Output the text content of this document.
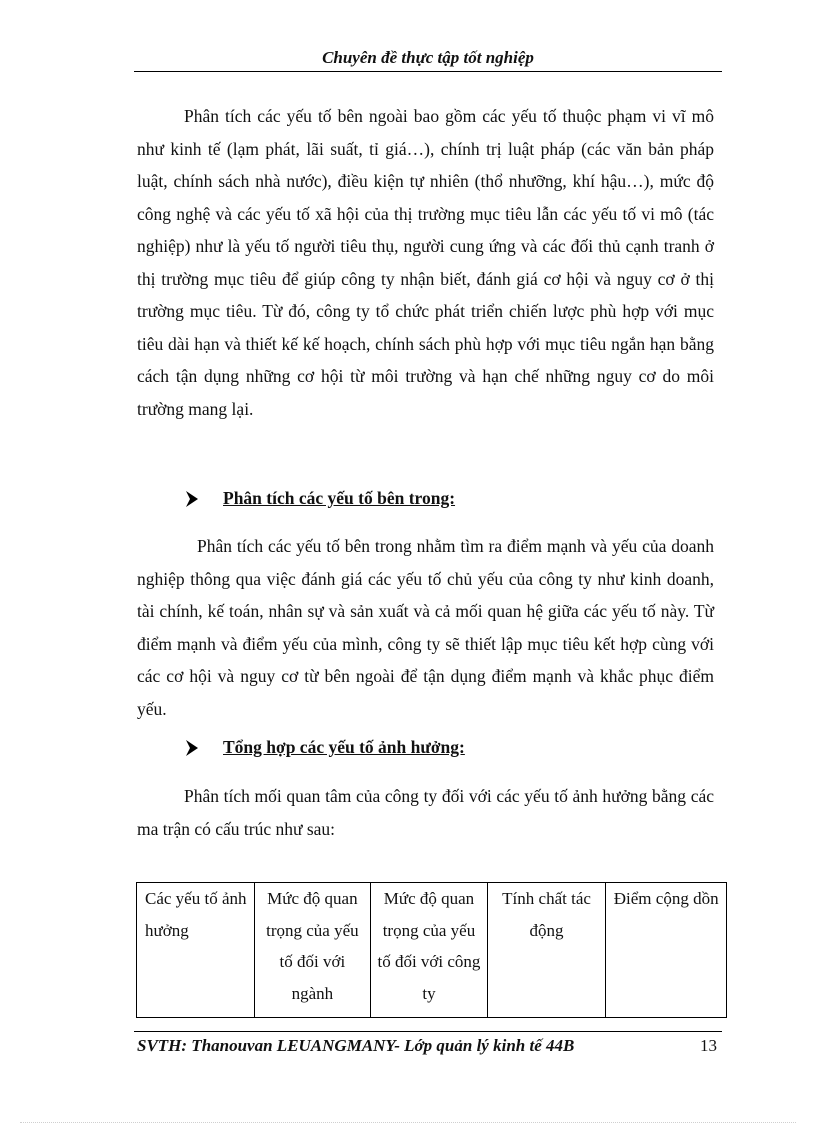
Chuyên đề thực tập tốt nghiệp

Phân tích các yếu tố bên ngoài bao gồm các yếu tố thuộc phạm vi vĩ mô như kinh tế (lạm phát, lãi suất, tỉ giá…), chính trị luật pháp (các văn bản pháp luật, chính sách nhà nước), điều kiện tự nhiên (thổ nhưỡng, khí hậu…), mức độ công nghệ và các yếu tố xã hội của thị trường mục tiêu lẫn các yếu tố vi mô (tác nghiệp) như là yếu tố người tiêu thụ, người cung ứng và các đối thủ cạnh tranh ở thị trường mục tiêu để giúp công ty nhận biết, đánh giá cơ hội và nguy cơ ở thị trường mục tiêu. Từ đó, công ty tổ chức phát triển chiến lược phù hợp với mục tiêu dài hạn và thiết kế kế hoạch, chính sách phù hợp với mục tiêu ngắn hạn bằng cách tận dụng những cơ hội từ môi trường và hạn chế những nguy cơ do môi trường mang lại.

Phân tích các yếu tố bên trong:

Phân tích các yếu tố bên trong nhằm tìm ra điểm mạnh và yếu của doanh nghiệp thông qua việc đánh giá các yếu tố chủ yếu của công ty như kinh doanh, tài chính, kế toán, nhân sự và sản xuất và cả mối quan hệ giữa các yếu tố này. Từ điểm mạnh và điểm yếu của mình, công ty sẽ thiết lập mục tiêu kết hợp cùng với các cơ hội và nguy cơ từ bên ngoài để tận dụng điểm mạnh và khắc phục điểm yếu.

Tổng hợp các yếu tố ảnh hưởng:

Phân tích mối quan tâm của công ty đối với các yếu tố ảnh hưởng bằng các ma trận có cấu trúc như sau:

Các yếu tố ảnh hưởng	Mức độ quan trọng của yếu tố đối với ngành	Mức độ quan trọng của yếu tố đối với công ty	Tính chất tác động	Điểm cộng dồn
SVTH: Thanouvan LEUANGMANY- Lớp quản lý kinh tế 44B	13
